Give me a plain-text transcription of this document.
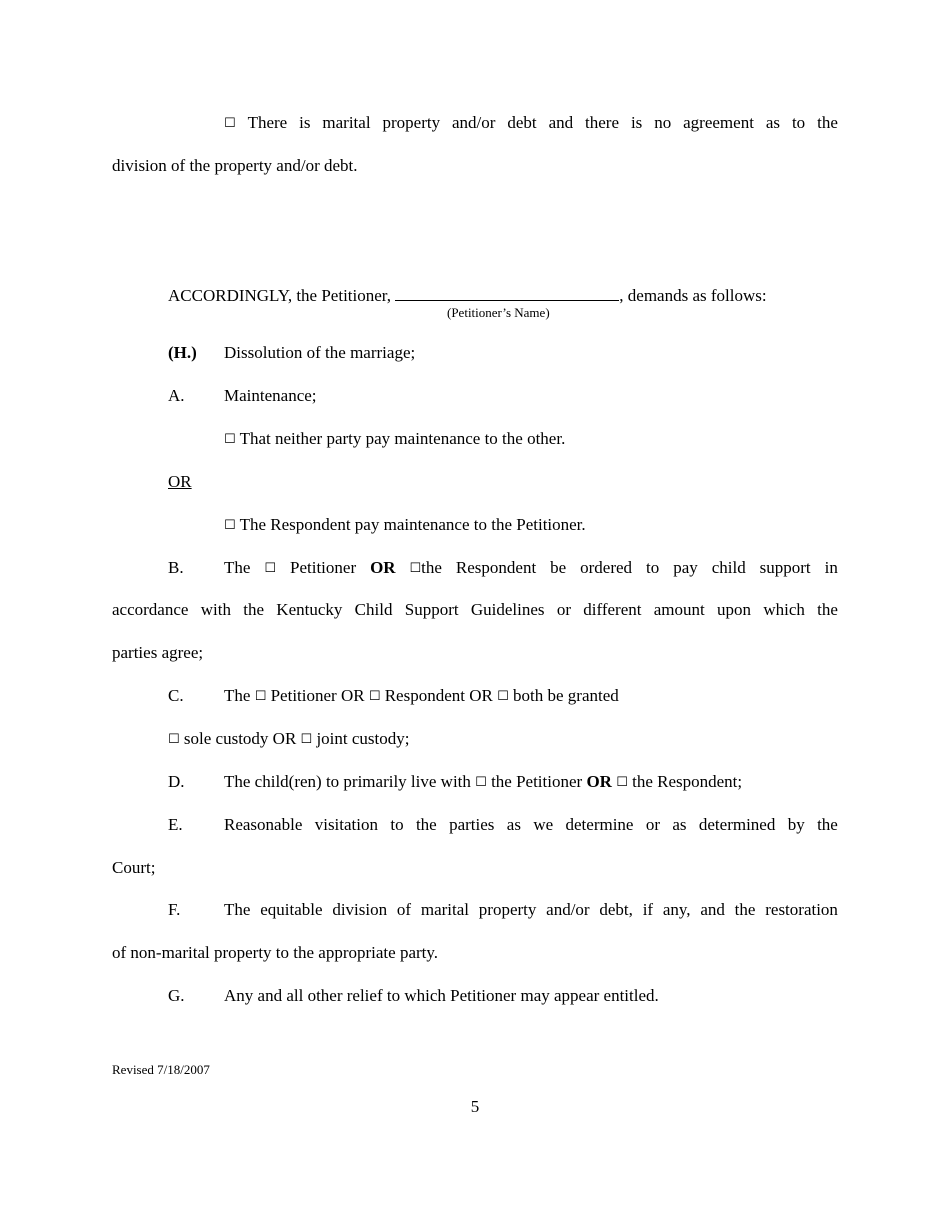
☐ There is marital property and/or debt and there is no agreement as to the
division of the property and/or debt.
ACCORDINGLY, the Petitioner,	, demands as follows:
(Petitioner’s Name)
(H.) Dissolution of the marriage;
A. Maintenance;
☐ That neither party pay maintenance to the other.
OR
☐ The Respondent pay maintenance to the Petitioner.
B. The ☐ Petitioner OR ☐the Respondent be ordered to pay child support in
accordance with the Kentucky Child Support Guidelines or different amount upon which the
parties agree;
C. The ☐ Petitioner OR ☐ Respondent OR ☐ both be granted
☐ sole custody OR ☐ joint custody;
D. The child(ren) to primarily live with ☐ the Petitioner OR ☐ the Respondent;
E. Reasonable visitation to the parties as we determine or as determined by the
Court;
F.	The equitable division of marital property and/or debt, if any, and the restoration
of non-marital property to the appropriate party.
G. Any and all other relief to which Petitioner may appear entitled.
Revised 7/18/2007
5
